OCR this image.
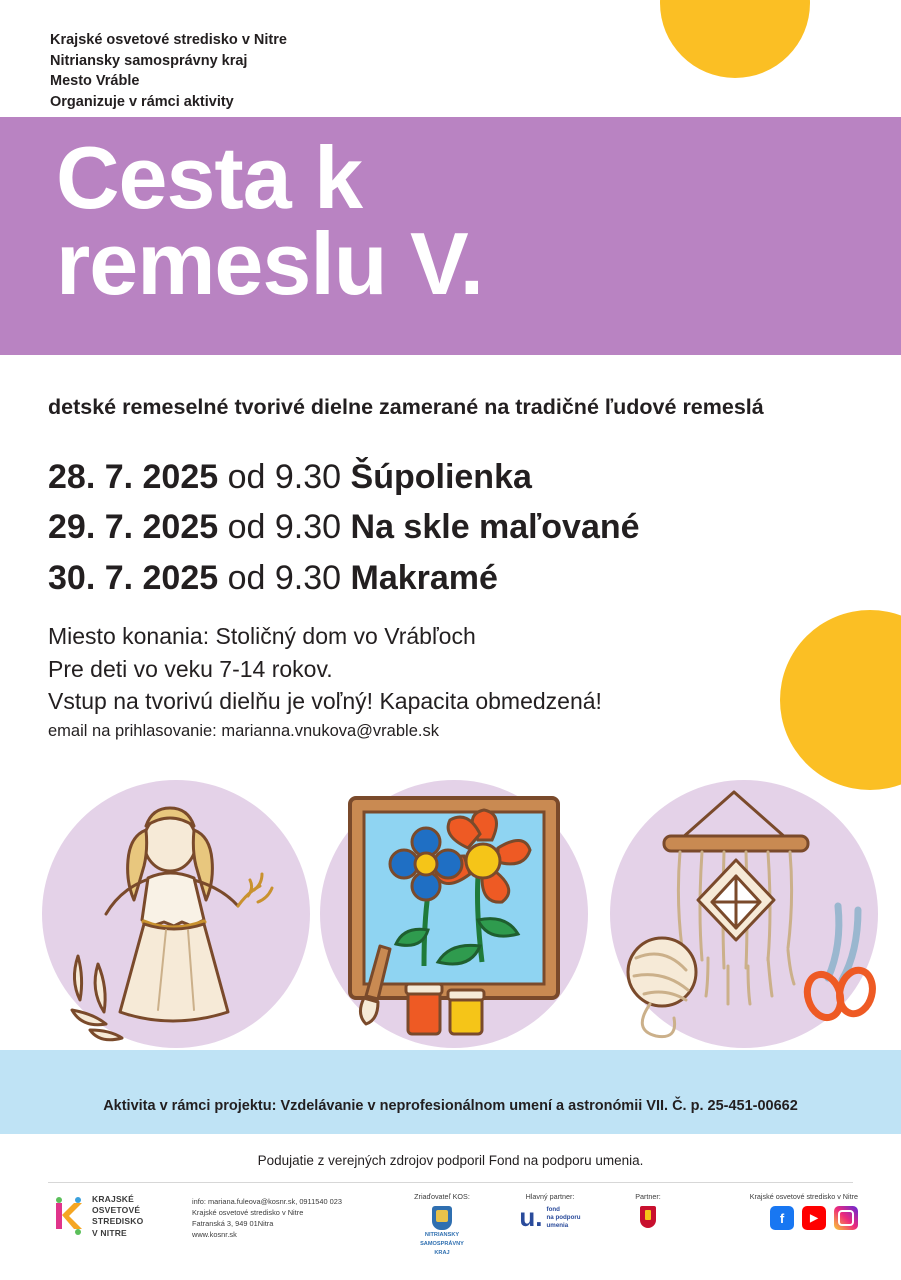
Krajské osvetové stredisko v Nitre
Nitriansky samosprávny kraj
Mesto Vráble
Organizuje v rámci aktivity
Cesta k
remeslu V.
detské remeselné tvorivé dielne zamerané na tradičné ľudové remeslá
28. 7. 2025 od 9.30 Šúpolienka
29. 7. 2025 od 9.30 Na skle maľované
30. 7. 2025 od 9.30 Makramé
Miesto konania: Stoličný dom vo Vrábľoch
Pre deti vo veku 7-14 rokov.
Vstup na tvorivú dielňu je voľný! Kapacita obmedzená!
email na prihlasovanie: marianna.vnukova@vrable.sk
Aktivita v rámci projektu: Vzdelávanie v neprofesionálnom umení a astronómii VII. Č. p. 25-451-00662
Podujatie z verejných zdrojov podporil Fond na podporu umenia.
KRAJSKÉ
OSVETOVÉ
STREDISKO
V NITRE
info: mariana.fuleova@kosnr.sk, 0911540 023
Krajské osvetové stredisko v Nitre
Fatranská 3, 949 01Nitra
www.kosnr.sk
Zriaďovateľ KOS:
NITRIANSKY
SAMOSPRÁVNY
KRAJ
Hlavný partner:
u. fond
na podporu
umenia
Partner:	Krajské osvetové stredisko v Nitre
f	▶
